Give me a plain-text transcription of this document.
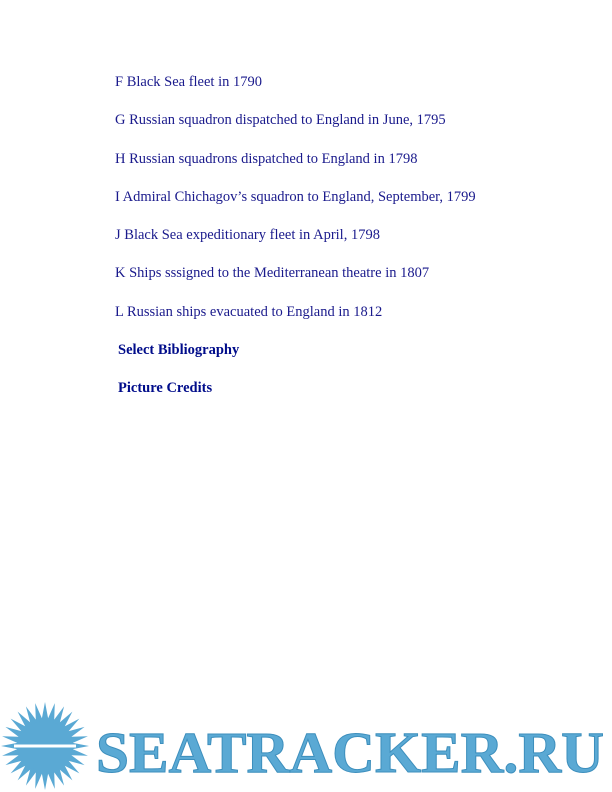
F Black Sea fleet in 1790
G Russian squadron dispatched to England in June, 1795
H Russian squadrons dispatched to England in 1798
I Admiral Chichagov’s squadron to England, September, 1799
J Black Sea expeditionary fleet in April, 1798
K Ships sssigned to the Mediterranean theatre in 1807
L Russian ships evacuated to England in 1812
Select Bibliography
Picture Credits
SEATRACKER.RU
